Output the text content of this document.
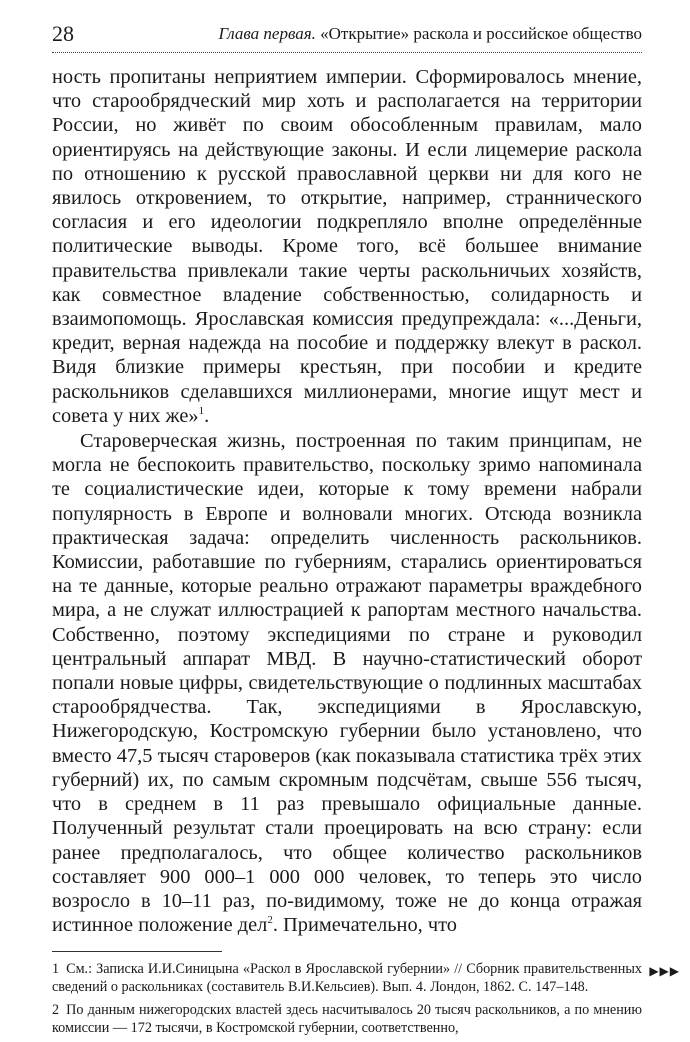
28	Глава первая. «Открытие» раскола и российское общество

ность пропитаны неприятием империи. Сформировалось мнение, что старообрядческий мир хоть и располагается на территории России, но живёт по своим обособленным правилам, мало ориентируясь на действующие законы. И если лицемерие раскола по отношению к русской православной церкви ни для кого не явилось откровением, то открытие, например, страннического согласия и его идеологии подкрепляло вполне определённые политические выводы. Кроме того, всё большее внимание правительства привлекали такие черты раскольничьих хозяйств, как совместное владение собственностью, солидарность и взаимопомощь. Ярославская комиссия предупреждала: «...Деньги, кредит, верная надежда на пособие и поддержку влекут в раскол. Видя близкие примеры крестьян, при пособии и кредите раскольников сделавшихся миллионерами, многие ищут мест и совета у них же»$^1$.

Староверческая жизнь, построенная по таким принципам, не могла не беспокоить правительство, поскольку зримо напоминала те социалистические идеи, которые к тому времени набрали популярность в Европе и волновали многих. Отсюда возникла практическая задача: определить численность раскольников. Комиссии, работавшие по губерниям, старались ориентироваться на те данные, которые реально отражают параметры враждебного мира, а не служат иллюстрацией к рапортам местного начальства. Собственно, поэтому экспедициями по стране и руководил центральный аппарат МВД. В научно-статистический оборот попали новые цифры, свидетельствующие о подлинных масштабах старообрядчества. Так, экспедициями в Ярославскую, Нижегородскую, Костромскую губернии было установлено, что вместо 47,5 тысяч староверов (как показывала статистика трёх этих губерний) их, по самым скромным подсчётам, свыше 556 тысяч, что в среднем в 11 раз превышало официальные данные. Полученный результат стали проецировать на всю страну: если ранее предполагалось, что общее количество раскольников составляет 900 000–1 000 000 человек, то теперь это число возросло в 10–11 раз, по-видимому, тоже не до конца отражая истинное положение дел$^2$. Примечательно, что

1 См.: Записка И.И.Синицына «Раскол в Ярославской губернии» // Сборник правительственных сведений о раскольниках (составитель В.И.Кельсиев). Вып. 4. Лондон, 1862. С. 147–148.
2 По данным нижегородских властей здесь насчитывалось 20 тысяч раскольников, а по мнению комиссии — 172 тысячи, в Костромской губернии, соответственно,
▶▶▶
